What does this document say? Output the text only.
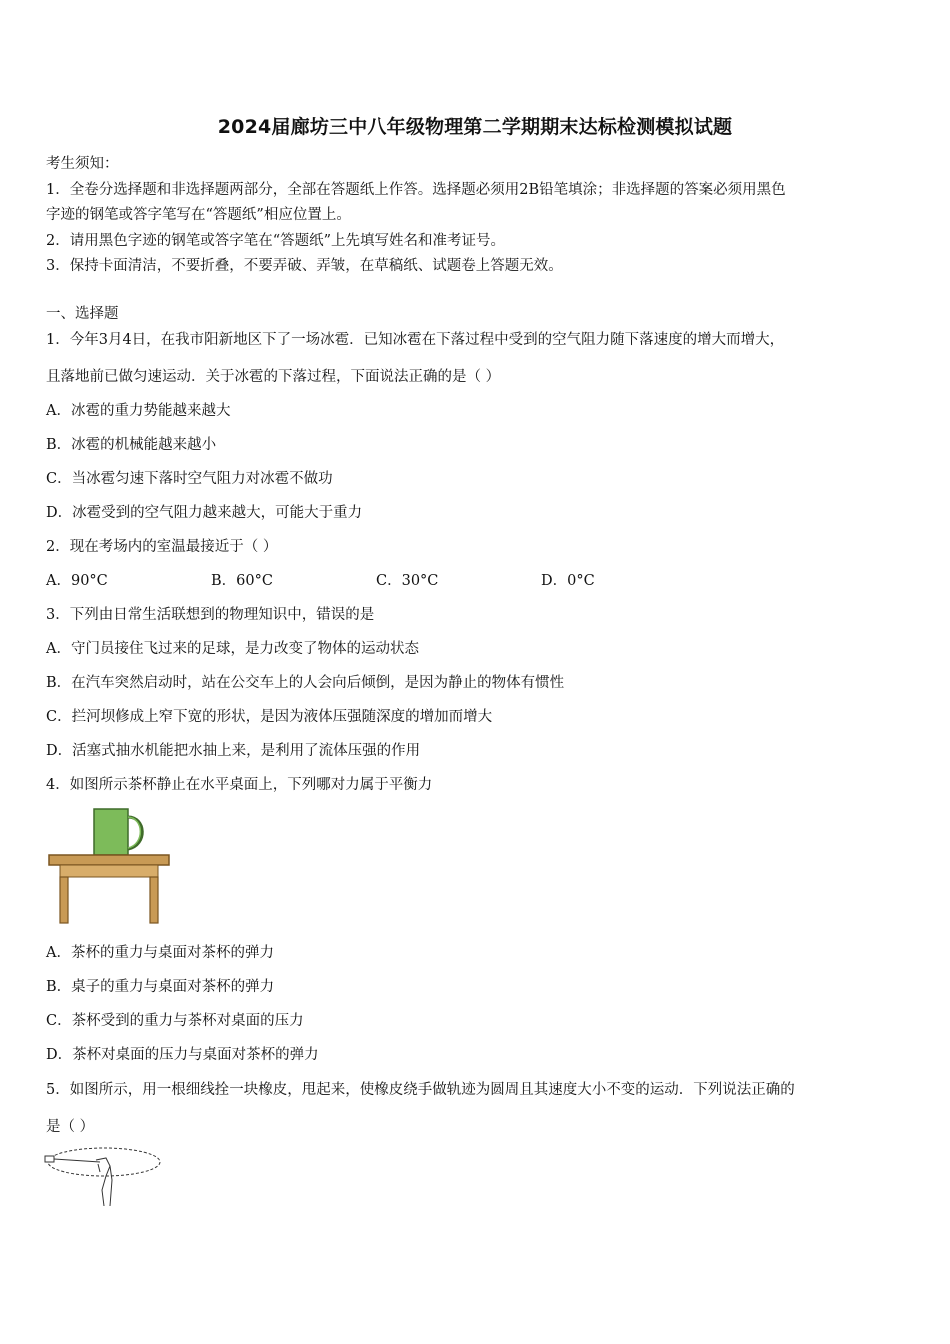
2024届廊坊三中八年级物理第二学期期末达标检测模拟试题
考生须知：
1．全卷分选择题和非选择题两部分，全部在答题纸上作答。选择题必须用2B铅笔填涂；非选择题的答案必须用黑色
字迹的钢笔或答字笔写在“答题纸”相应位置上。
2．请用黑色字迹的钢笔或答字笔在“答题纸”上先填写姓名和准考证号。
3．保持卡面清洁，不要折叠，不要弄破、弄皱，在草稿纸、试题卷上答题无效。
一、选择题
1．今年3月4日，在我市阳新地区下了一场冰雹．已知冰雹在下落过程中受到的空气阻力随下落速度的增大而增大，
且落地前已做匀速运动．关于冰雹的下落过程，下面说法正确的是（ ）
A．冰雹的重力势能越来越大
B．冰雹的机械能越来越小
C．当冰雹匀速下落时空气阻力对冰雹不做功
D．冰雹受到的空气阻力越来越大，可能大于重力
2．现在考场内的室温最接近于（ ）
A．90°C	B．60°C	C．30°C	D．0°C
3．下列由日常生活联想到的物理知识中，错误的是
A．守门员接住飞过来的足球，是力改变了物体的运动状态
B．在汽车突然启动时，站在公交车上的人会向后倾倒，是因为静止的物体有惯性
C．拦河坝修成上窄下宽的形状，是因为液体压强随深度的增加而增大
D．活塞式抽水机能把水抽上来，是利用了流体压强的作用
4．如图所示茶杯静止在水平桌面上，下列哪对力属于平衡力
A．茶杯的重力与桌面对茶杯的弹力
B．桌子的重力与桌面对茶杯的弹力
C．茶杯受到的重力与茶杯对桌面的压力
D．茶杯对桌面的压力与桌面对茶杯的弹力
5．如图所示，用一根细线拴一块橡皮，甩起来，使橡皮绕手做轨迹为圆周且其速度大小不变的运动．下列说法正确的
是（ ）
